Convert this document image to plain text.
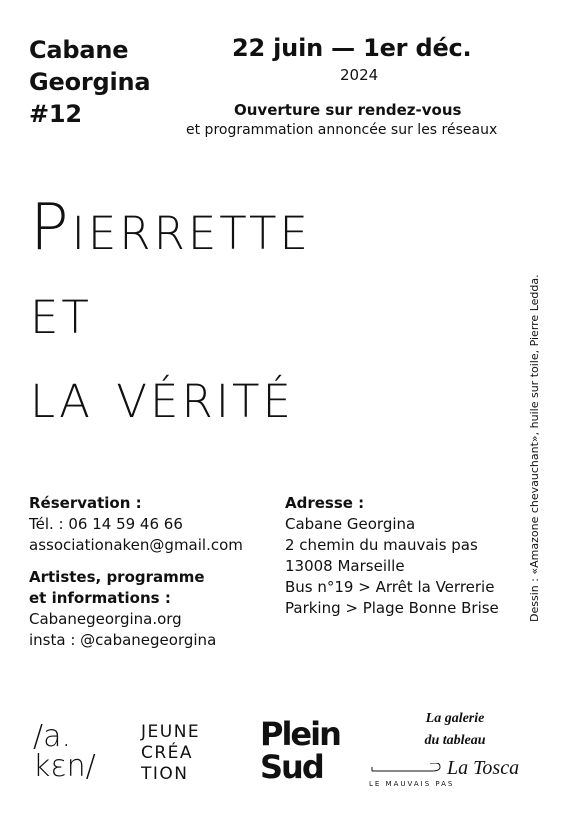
Cabane
Georgina
#12
22 juin — 1er déc.
2024
Ouverture sur rendez-vous
et programmation annoncée sur les réseaux
Pierrette
et
la vérité	Dessin : «Amazone chevauchant», huile sur toile, Pierre Ledda.
Réservation :
Tél. : 06 14 59 46 66
associationaken@gmail.com
Artistes, programme
et informations :
Cabanegeorgina.org
insta : @cabanegeorgina
Adresse :
Cabane Georgina
2 chemin du mauvais pas
13008 Marseille
Bus n°19 > Arrêt la Verrerie
Parking > Plage Bonne Brise
/a.
kɛn/
JEUNE
CRÉA
TION
Plein
Sud
La galerie
du tableau
LE MAUVAIS PAS
La Tosca
